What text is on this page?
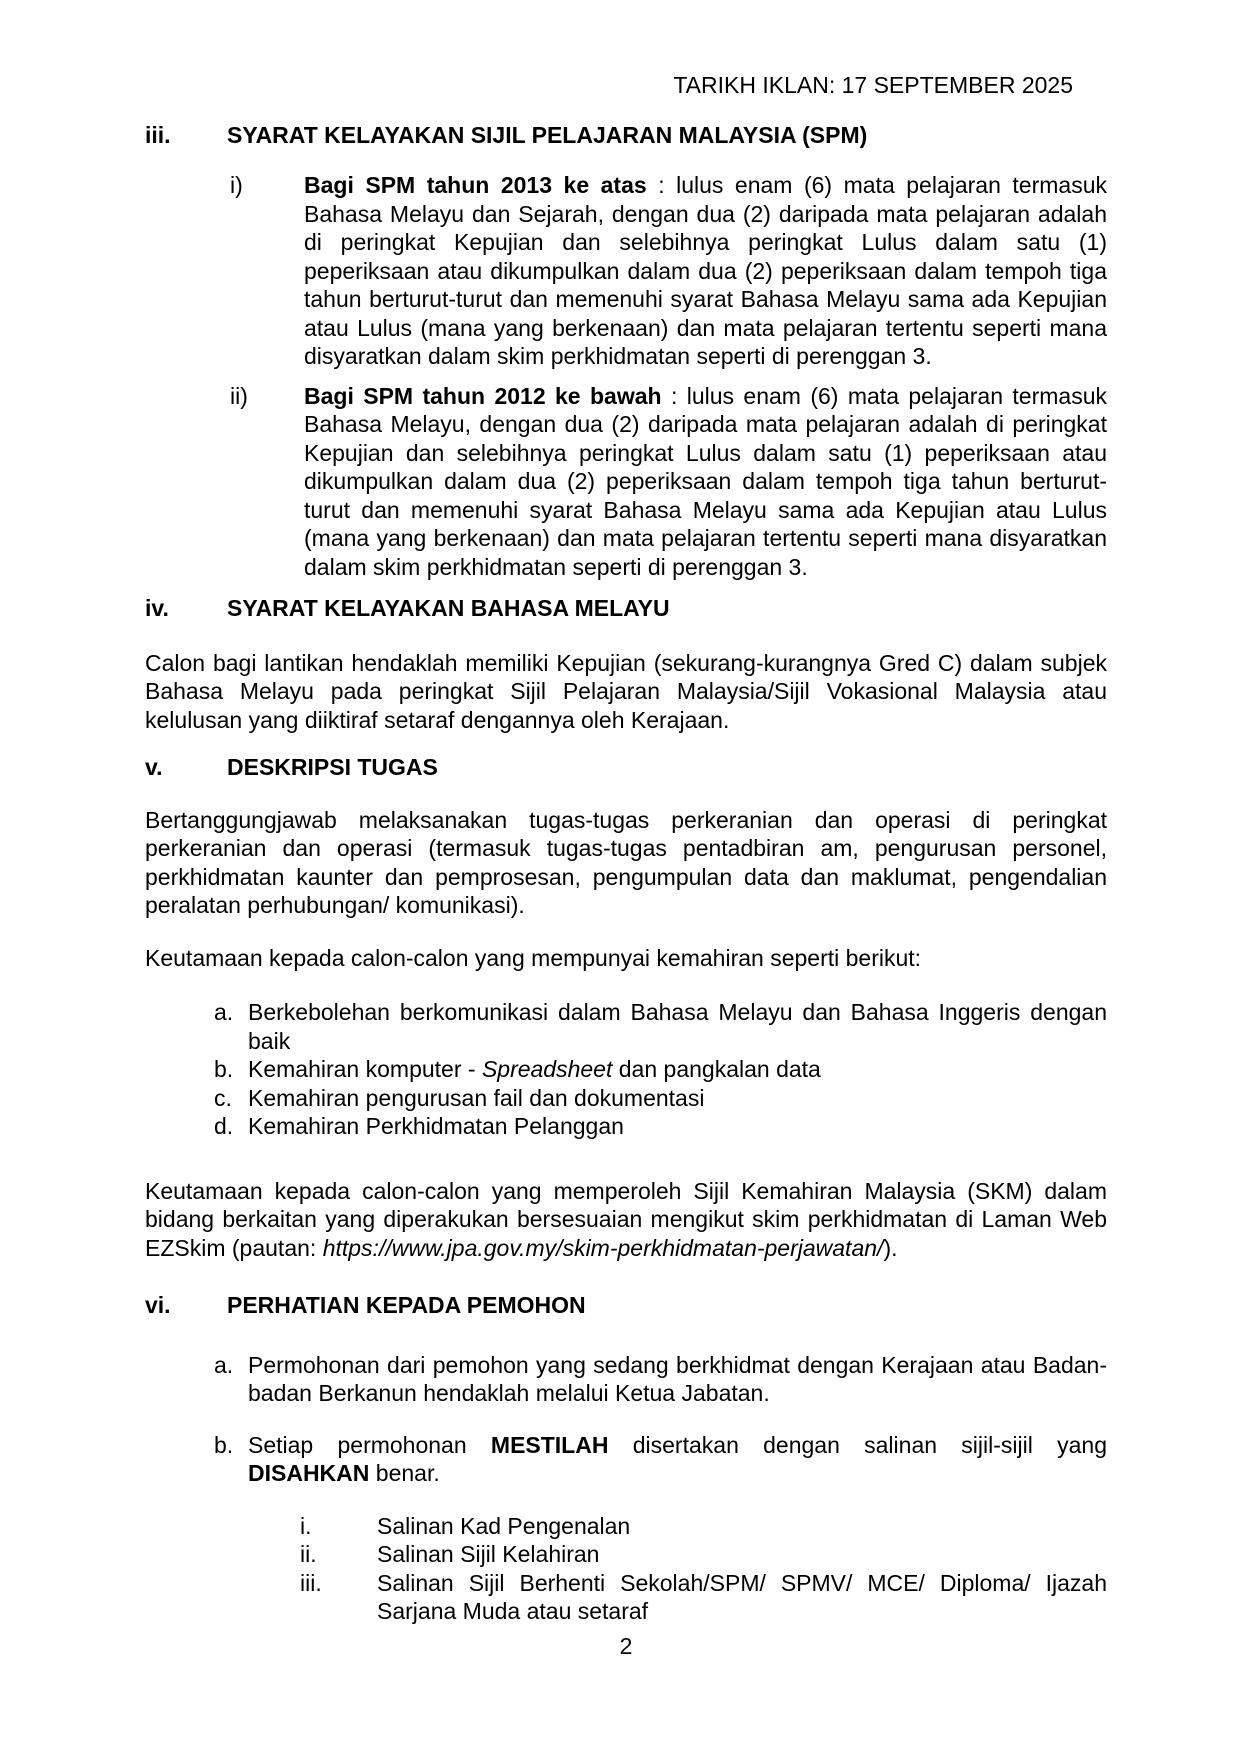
TARIKH IKLAN: 17 SEPTEMBER 2025
iii.	SYARAT KELAYAKAN SIJIL PELAJARAN MALAYSIA (SPM)
i)	Bagi SPM tahun 2013 ke atas : lulus enam (6) mata pelajaran termasuk Bahasa Melayu dan Sejarah, dengan dua (2) daripada mata pelajaran adalah di peringkat Kepujian dan selebihnya peringkat Lulus dalam satu (1) peperiksaan atau dikumpulkan dalam dua (2) peperiksaan dalam tempoh tiga tahun berturut-turut dan memenuhi syarat Bahasa Melayu sama ada Kepujian atau Lulus (mana yang berkenaan) dan mata pelajaran tertentu seperti mana disyaratkan dalam skim perkhidmatan seperti di perenggan 3.
ii)	Bagi SPM tahun 2012 ke bawah : lulus enam (6) mata pelajaran termasuk Bahasa Melayu, dengan dua (2) daripada mata pelajaran adalah di peringkat Kepujian dan selebihnya peringkat Lulus dalam satu (1) peperiksaan atau dikumpulkan dalam dua (2) peperiksaan dalam tempoh tiga tahun berturut-turut dan memenuhi syarat Bahasa Melayu sama ada Kepujian atau Lulus (mana yang berkenaan) dan mata pelajaran tertentu seperti mana disyaratkan dalam skim perkhidmatan seperti di perenggan 3.
iv.	SYARAT KELAYAKAN BAHASA MELAYU

Calon bagi lantikan hendaklah memiliki Kepujian (sekurang-kurangnya Gred C) dalam subjek Bahasa Melayu pada peringkat Sijil Pelajaran Malaysia/Sijil Vokasional Malaysia atau kelulusan yang diiktiraf setaraf dengannya oleh Kerajaan.

v.	DESKRIPSI TUGAS

Bertanggungjawab melaksanakan tugas-tugas perkeranian dan operasi di peringkat perkeranian dan operasi (termasuk tugas-tugas pentadbiran am, pengurusan personel, perkhidmatan kaunter dan pemprosesan, pengumpulan data dan maklumat, pengendalian peralatan perhubungan/ komunikasi).

Keutamaan kepada calon-calon yang mempunyai kemahiran seperti berikut:

a. Berkebolehan berkomunikasi dalam Bahasa Melayu dan Bahasa Inggeris dengan baik
b. Kemahiran komputer - Spreadsheet dan pangkalan data
c. Kemahiran pengurusan fail dan dokumentasi
d. Kemahiran Perkhidmatan Pelanggan

Keutamaan kepada calon-calon yang memperoleh Sijil Kemahiran Malaysia (SKM) dalam bidang berkaitan yang diperakukan bersesuaian mengikut skim perkhidmatan di Laman Web EZSkim (pautan: https://www.jpa.gov.my/skim-perkhidmatan-perjawatan/).

vi.	PERHATIAN KEPADA PEMOHON
a. Permohonan dari pemohon yang sedang berkhidmat dengan Kerajaan atau Badan-badan Berkanun hendaklah melalui Ketua Jabatan.
b. Setiap permohonan MESTILAH disertakan dengan salinan sijil-sijil yang DISAHKAN benar.
i.	Salinan Kad Pengenalan
ii.	Salinan Sijil Kelahiran
iii.	Salinan Sijil Berhenti Sekolah/SPM/ SPMV/ MCE/ Diploma/ Ijazah Sarjana Muda atau setaraf
2
